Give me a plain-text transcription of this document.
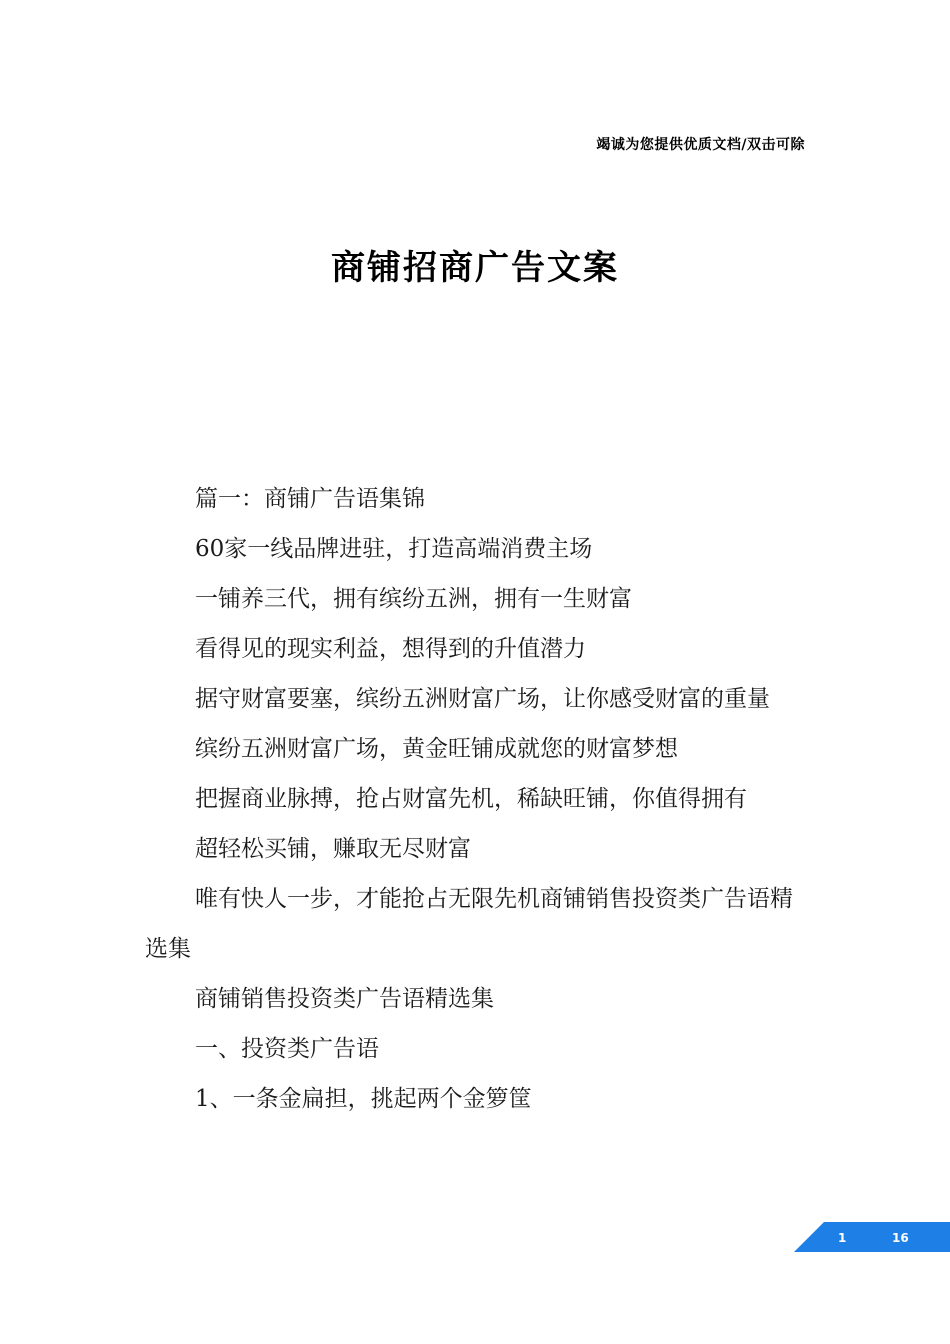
竭诚为您提供优质文档/双击可除
商铺招商广告文案

篇一：商铺广告语集锦

60家一线品牌进驻，打造高端消费主场

一铺养三代，拥有缤纷五洲，拥有一生财富

看得见的现实利益，想得到的升值潜力

据守财富要塞，缤纷五洲财富广场，让你感受财富的重量

缤纷五洲财富广场，黄金旺铺成就您的财富梦想

把握商业脉搏，抢占财富先机，稀缺旺铺，你值得拥有

超轻松买铺，赚取无尽财富

唯有快人一步，才能抢占无限先机商铺销售投资类广告语精选集

商铺销售投资类广告语精选集

一、投资类广告语

1、一条金扁担，挑起两个金箩筐

1	16
